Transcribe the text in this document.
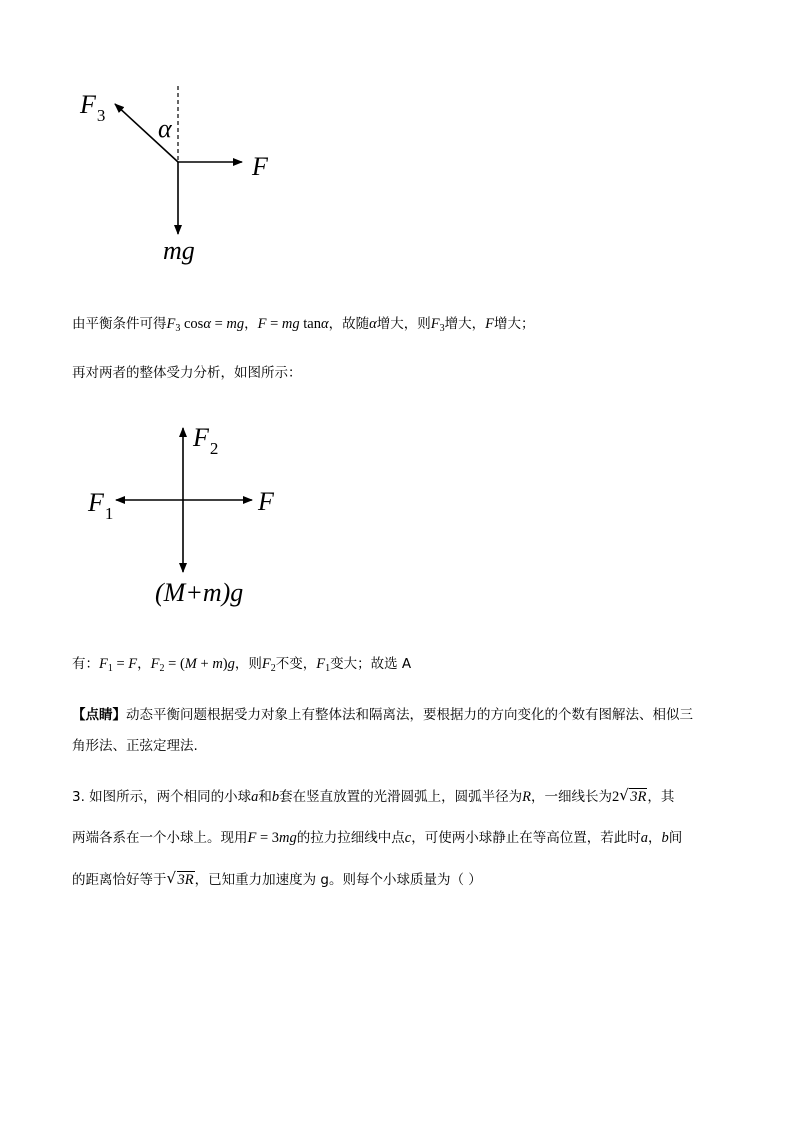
$F_3$ α
F
mg
由平衡条件可得$F_3$ cosα = mg，F = mg tanα，故随α增大，则$F_3$增大，F增大；
再对两者的整体受力分析，如图所示：
$F_2$
$F_1$	F
(M+m)g
有：$F_1 = F$，$F_2 = (M + m)g$，则$F_2$不变，$F_1$变大；故选 A
【点睛】动态平衡问题根据受力对象上有整体法和隔离法，要根据力的方向变化的个数有图解法、相似三
角形法、正弦定理法.
3. 如图所示，两个相同的小球a和b套在竖直放置的光滑圆弧上，圆弧半径为R，一细线长为2 √ 3R，其
两端各系在一个小球上。现用F = 3mg的拉力拉细线中点c，可使两小球静止在等高位置，若此时a，b间
的距离恰好等于 √ 3R，已知重力加速度为 g。则每个小球质量为（ ）
